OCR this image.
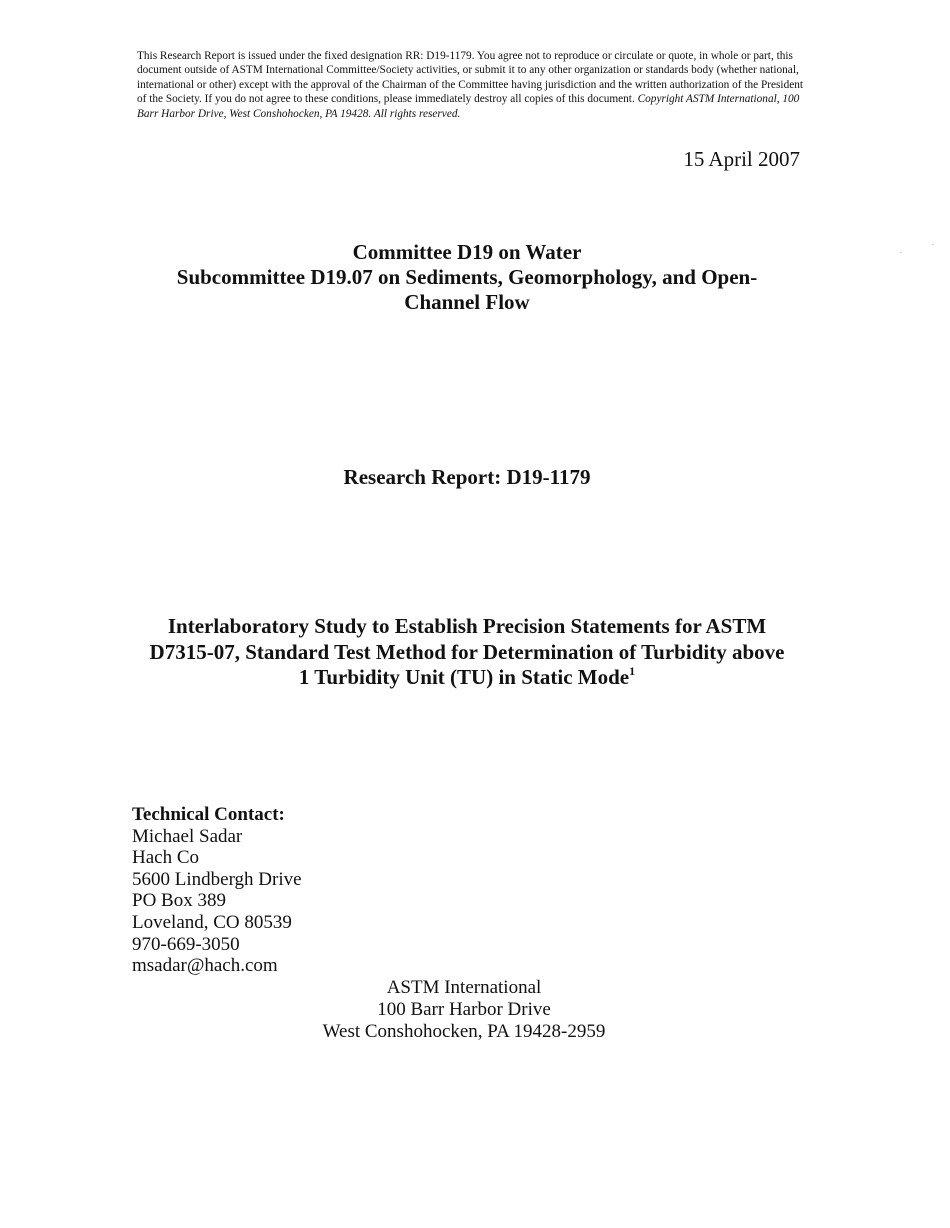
This Research Report is issued under the fixed designation RR: D19-1179. You agree not to reproduce or circulate or quote, in whole or part, this document outside of ASTM International Committee/Society activities, or submit it to any other organization or standards body (whether national, international or other) except with the approval of the Chairman of the Committee having jurisdiction and the written authorization of the President of the Society. If you do not agree to these conditions, please immediately destroy all copies of this document. Copyright ASTM International, 100 Barr Harbor Drive, West Conshohocken, PA 19428. All rights reserved.
15 April 2007
Committee D19 on Water
Subcommittee D19.07 on Sediments, Geomorphology, and Open-
Channel Flow
Research Report: D19-1179
Interlaboratory Study to Establish Precision Statements for ASTM
D7315-07, Standard Test Method for Determination of Turbidity above
1 Turbidity Unit (TU) in Static Mode$^1$
Technical Contact:
Michael Sadar
Hach Co
5600 Lindbergh Drive
PO Box 389
Loveland, CO 80539
970-669-3050
msadar@hach.com
ASTM International
100 Barr Harbor Drive
West Conshohocken, PA 19428-2959
